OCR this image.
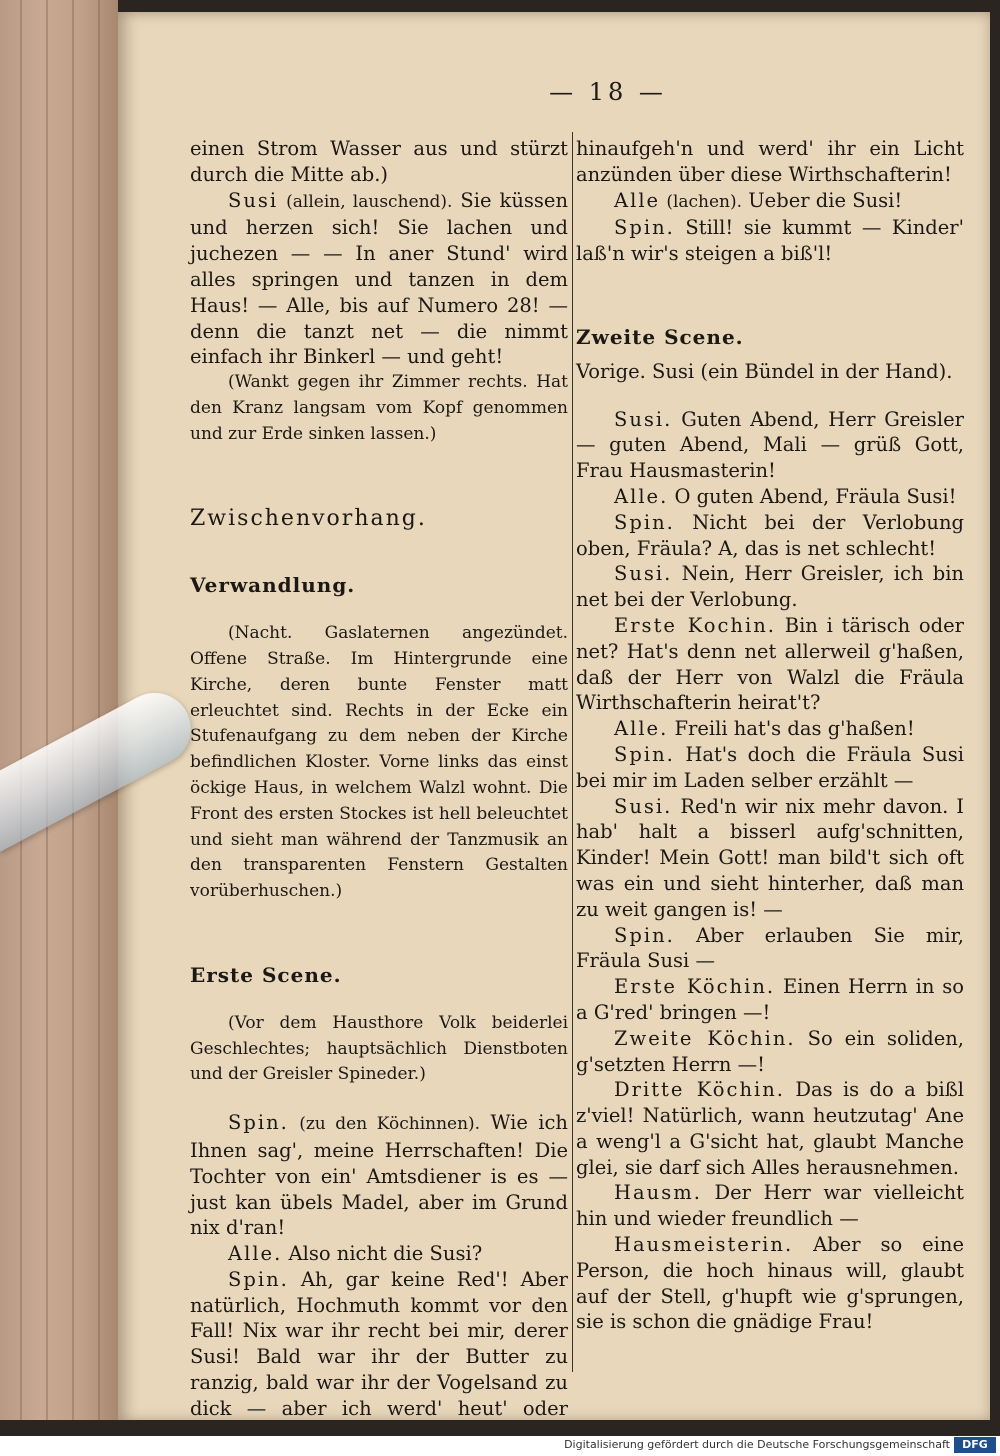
— 18 —

einen Strom Wasser aus und stürzt durch die Mitte ab.)

Susi (allein, lauschend). Sie küssen und herzen sich! Sie lachen und juchezen — — In aner Stund' wird alles springen und tanzen in dem Haus! — Alle, bis auf Numero 28! — denn die tanzt net — die nimmt einfach ihr Binkerl — und geht!

(Wankt gegen ihr Zimmer rechts. Hat den Kranz langsam vom Kopf genommen und zur Erde sinken lassen.)

Zwischenvorhang.

Verwandlung.

(Nacht. Gaslaternen angezündet. Offene Straße. Im Hintergrunde eine Kirche, deren bunte Fenster matt erleuchtet sind. Rechts in der Ecke ein Stufenaufgang zu dem neben der Kirche befindlichen Kloster. Vorne links das einst öckige Haus, in welchem Walzl wohnt. Die Front des ersten Stockes ist hell beleuchtet und sieht man während der Tanzmusik an den transparenten Fenstern Gestalten vorüberhuschen.)

Erste Scene.

(Vor dem Hausthore Volk beiderlei Geschlechtes; hauptsächlich Dienstboten und der Greisler Spineder.)

Spin. (zu den Köchinnen). Wie ich Ihnen sag', meine Herrschaften! Die Tochter von ein' Amtsdiener is es — just kan übels Madel, aber im Grund nix d'ran!

Alle. Also nicht die Susi?

Spin. Ah, gar keine Red'! Aber natürlich, Hochmuth kommt vor den Fall! Nix war ihr recht bei mir, derer Susi! Bald war ihr der Butter zu ranzig, bald war ihr der Vogelsand zu dick — aber ich werd' heut' oder

hinaufgeh'n und werd' ihr ein Licht anzünden über diese Wirthschafterin!

Alle (lachen). Ueber die Susi!

Spin. Still! sie kummt — Kinder' laß'n wir's steigen a biß'l!

Zweite Scene.

Vorige. Susi (ein Bündel in der Hand).

Susi. Guten Abend, Herr Greisler— guten Abend, Mali — grüß Gott, Frau Hausmasterin!

Alle. O guten Abend, Fräula Susi!

Spin. Nicht bei der Verlobung oben, Fräula? A, das is net schlecht!

Susi. Nein, Herr Greisler, ich bin net bei der Verlobung.

Erste Kochin. Bin i tärisch oder net? Hat's denn net allerweil g'haßen, daß der Herr von Walzl die Fräula Wirthschafterin heirat't?

Alle. Freili hat's das g'haßen!

Spin. Hat's doch die Fräula Susi bei mir im Laden selber erzählt —

Susi. Red'n wir nix mehr davon. I hab' halt a bisserl aufg'schnitten, Kinder! Mein Gott! man bild't sich oft was ein und sieht hinterher, daß man zu weit gangen is! —

Spin. Aber erlauben Sie mir, Fräula Susi —

Erste Köchin. Einen Herrn in so a G'red' bringen —!

Zweite Köchin. So ein soliden, g'setzten Herrn —!

Dritte Köchin. Das is do a bißl z'viel! Natürlich, wann heutzutag' Ane a weng'l a G'sicht hat, glaubt Manche glei, sie darf sich Alles herausnehmen.

Hausm. Der Herr war vielleicht hin und wieder freundlich —

Hausmeisterin. Aber so eine Person, die hoch hinaus will, glaubt auf der Stell, g'hupft wie g'sprungen, sie is schon die gnädige Frau!

Digitalisierung gefördert durch die Deutsche Forschungsgemeinschaft	DFG
